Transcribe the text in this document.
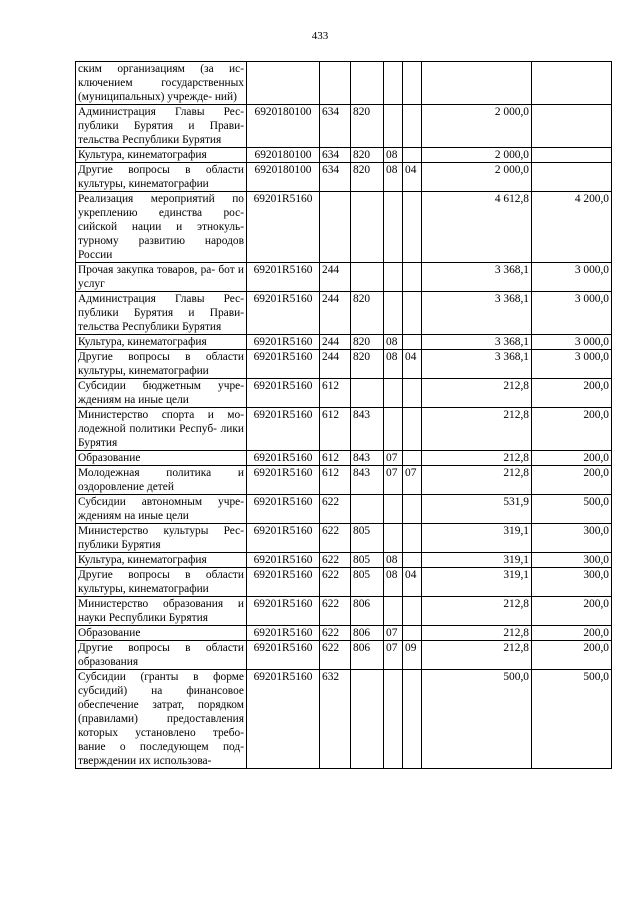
433
ским организациям (за ис- ключением государственных (муниципальных) учрежде- ний)							
Администрация Главы Рес- публики Бурятия и Прави- тельства Республики Бурятия	6920180100	634	820			2 000,0	
Культура, кинематография	6920180100	634	820	08		2 000,0	
Другие вопросы в области культуры, кинематографии	6920180100	634	820	08	04	2 000,0	
Реализация мероприятий по укреплению единства рос- сийской нации и этнокуль- турному развитию народов России	69201R5160					4 612,8	4 200,0
Прочая закупка товаров, ра- бот и услуг	69201R5160	244				3 368,1	3 000,0
Администрация Главы Рес- публики Бурятия и Прави- тельства Республики Бурятия	69201R5160	244	820			3 368,1	3 000,0
Культура, кинематография	69201R5160	244	820	08		3 368,1	3 000,0
Другие вопросы в области культуры, кинематографии	69201R5160	244	820	08	04	3 368,1	3 000,0
Субсидии бюджетным учре- ждениям на иные цели	69201R5160	612				212,8	200,0
Министерство спорта и мо- лодежной политики Респуб- лики Бурятия	69201R5160	612	843			212,8	200,0
Образование	69201R5160	612	843	07		212,8	200,0
Молодежная политика и оздоровление детей	69201R5160	612	843	07	07	212,8	200,0
Субсидии автономным учре- ждениям на иные цели	69201R5160	622				531,9	500,0
Министерство культуры Рес- публики Бурятия	69201R5160	622	805			319,1	300,0
Культура, кинематография	69201R5160	622	805	08		319,1	300,0
Другие вопросы в области культуры, кинематографии	69201R5160	622	805	08	04	319,1	300,0
Министерство образования и науки Республики Бурятия	69201R5160	622	806			212,8	200,0
Образование	69201R5160	622	806	07		212,8	200,0
Другие вопросы в области образования	69201R5160	622	806	07	09	212,8	200,0
Субсидии (гранты в форме субсидий) на финансовое обеспечение затрат, порядком (правилами) предоставления которых установлено требо- вание о последующем под- тверждении их использова-	69201R5160	632				500,0	500,0
